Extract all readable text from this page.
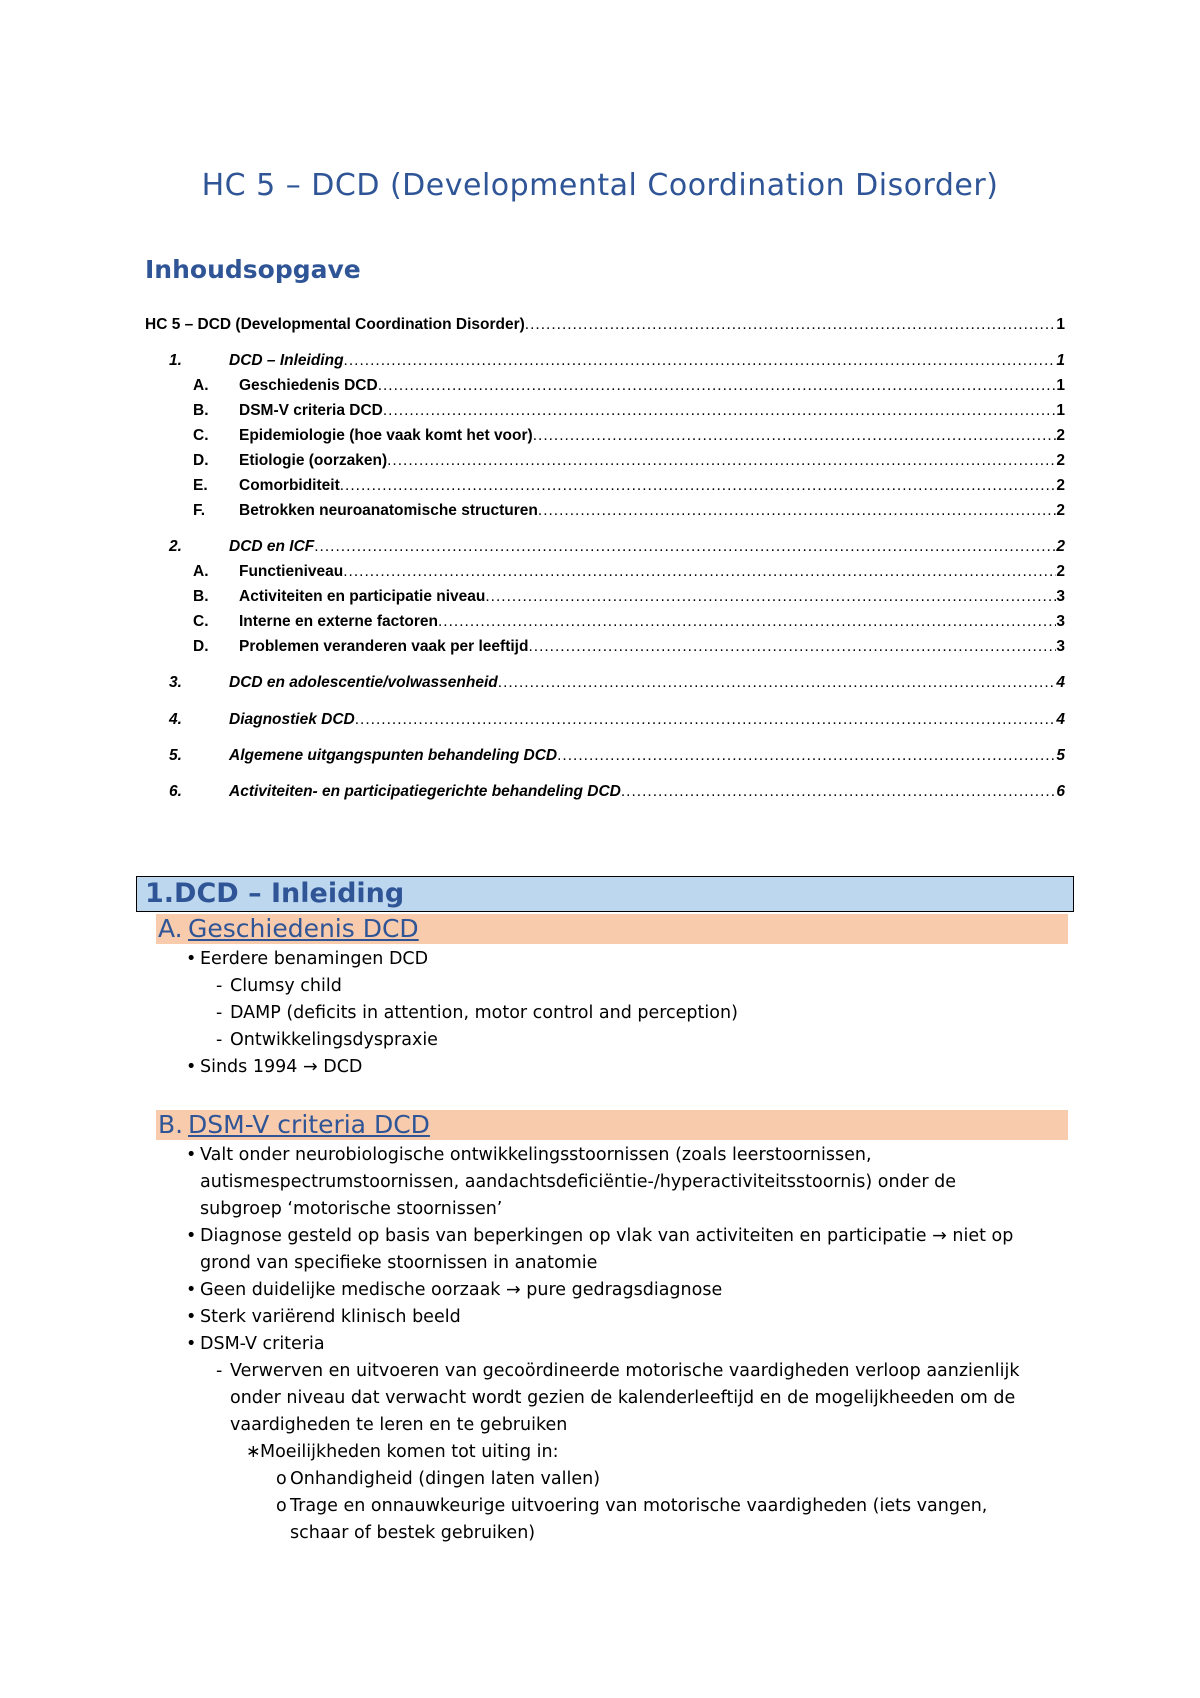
HC 5 – DCD (Developmental Coordination Disorder)
Inhoudsopgave
HC 5 – DCD (Developmental Coordination Disorder) .....	1
1.	DCD – Inleiding .....	1
A.	Geschiedenis DCD .....	1
B.	DSM-V criteria DCD .....	1
C.	Epidemiologie (hoe vaak komt het voor) .....	2
D.	Etiologie (oorzaken) .....	2
E.	Comorbiditeit .....	2
F.	Betrokken neuroanatomische structuren .....	2
2.	DCD en ICF .....	2
A.	Functieniveau .....	2
B.	Activiteiten en participatie niveau .....	3
C.	Interne en externe factoren .....	3
D.	Problemen veranderen vaak per leeftijd .....	3
3.	DCD en adolescentie/volwassenheid .....	4
4.	Diagnostiek DCD .....	4
5.	Algemene uitgangspunten behandeling DCD .....	5
6.	Activiteiten- en participatiegerichte behandeling DCD .....	6
1.DCD – Inleiding
A. Geschiedenis DCD
• Eerdere benamingen DCD
- Clumsy child
- DAMP (deficits in attention, motor control and perception)
- Ontwikkelingsdyspraxie
• Sinds 1994 → DCD
B. DSM-V criteria DCD
• Valt onder neurobiologische ontwikkelingsstoornissen (zoals leerstoornissen,
autismespectrumstoornissen, aandachtsdeficiëntie-/hyperactiviteitsstoornis) onder de
subgroep ‘motorische stoornissen’
• Diagnose gesteld op basis van beperkingen op vlak van activiteiten en participatie → niet op
grond van specifieke stoornissen in anatomie
• Geen duidelijke medische oorzaak → pure gedragsdiagnose
• Sterk variërend klinisch beeld
• DSM-V criteria
- Verwerven en uitvoeren van gecoördineerde motorische vaardigheden verloop aanzienlijk
onder niveau dat verwacht wordt gezien de kalenderleeftijd en de mogelijkheeden om de
vaardigheden te leren en te gebruiken
∗Moeilijkheden komen tot uiting in:
o Onhandigheid (dingen laten vallen)
o Trage en onnauwkeurige uitvoering van motorische vaardigheden (iets vangen,
schaar of bestek gebruiken)
